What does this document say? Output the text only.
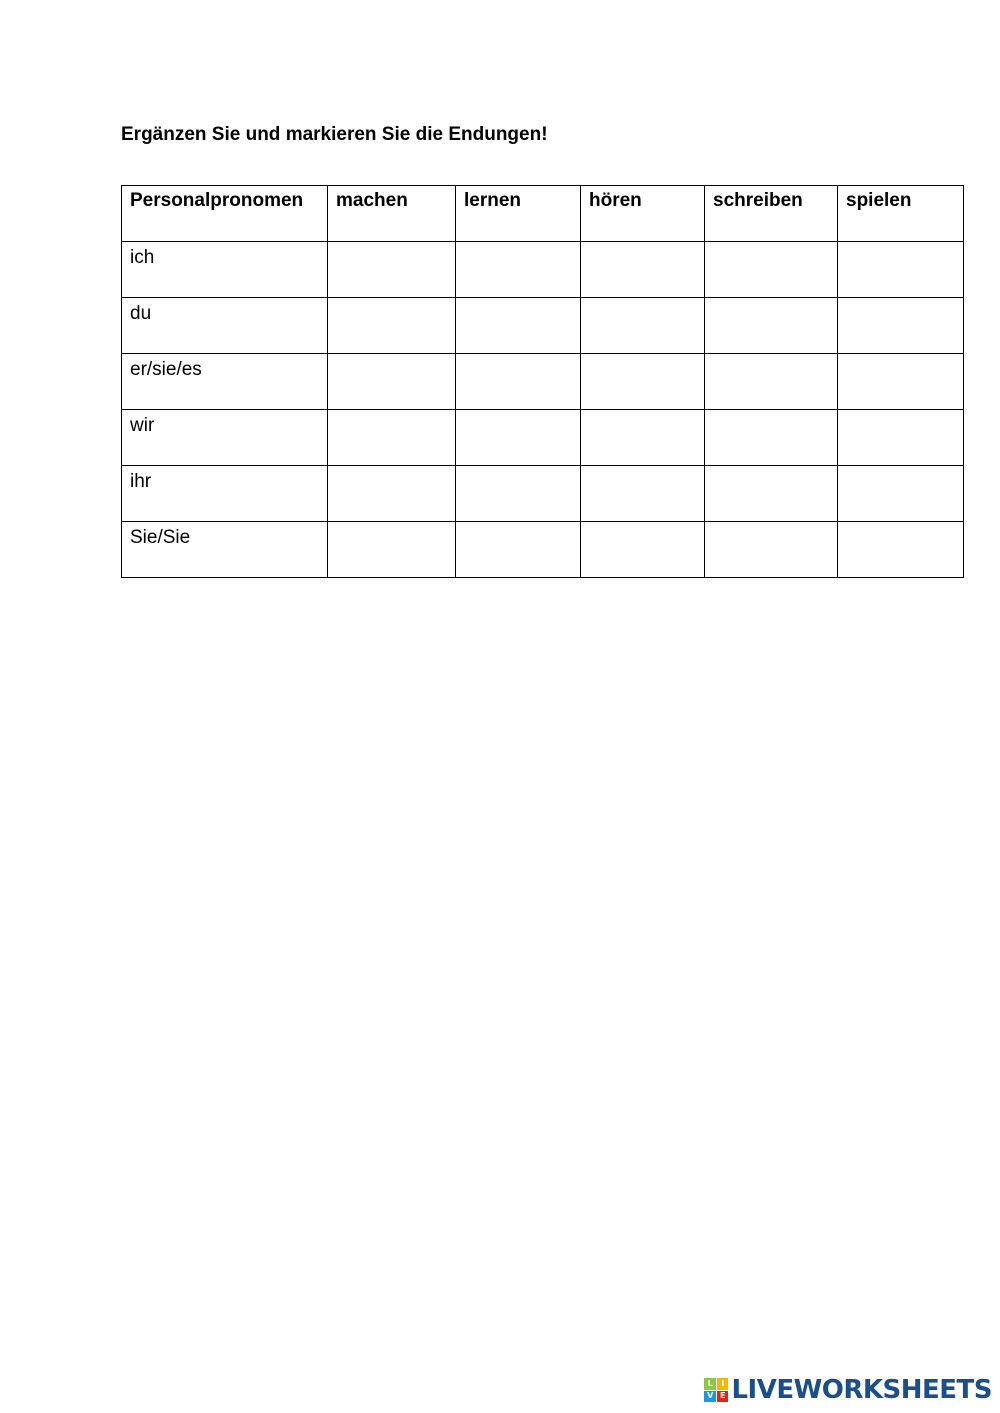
Ergänzen Sie und markieren Sie die Endungen!
Personalpronomen	machen	lernen	hören	schreiben	spielen
ich					
du					
er/sie/es					
wir					
ihr					
Sie/Sie					
L	I
V E LIVEWORKSHEETS
